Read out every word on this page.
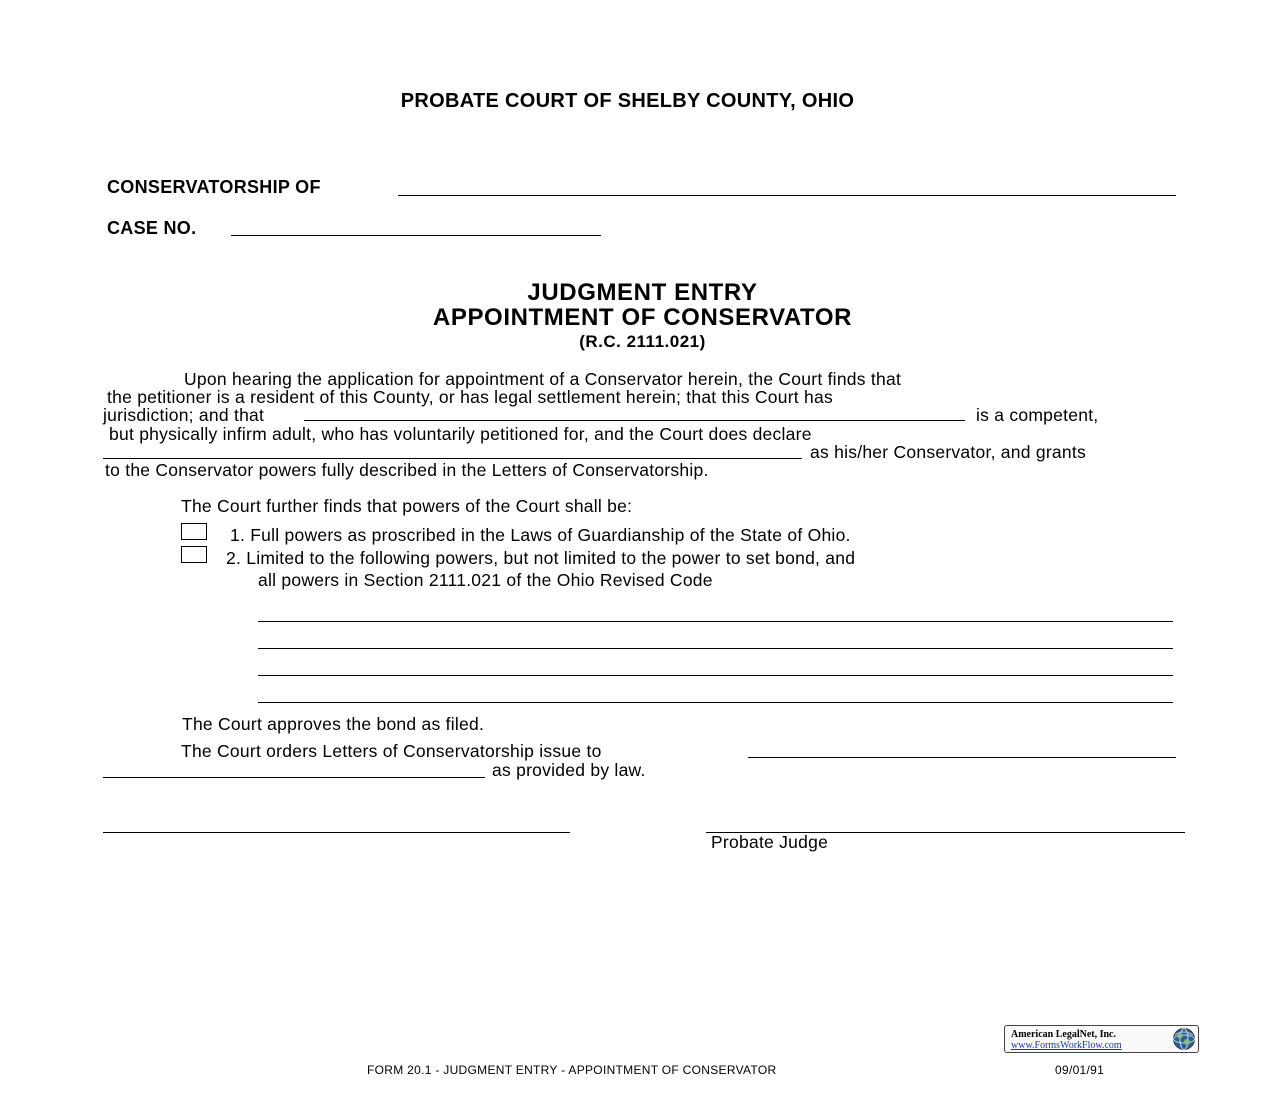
PROBATE COURT OF SHELBY COUNTY, OHIO
CONSERVATORSHIP OF
CASE NO.
JUDGMENT ENTRY
APPOINTMENT OF CONSERVATOR
(R.C. 2111.021)
Upon hearing the application for appointment of a Conservator herein, the Court finds that
the petitioner is a resident of this County, or has legal settlement herein; that this Court has
jurisdiction; and that	is a competent,
but physically infirm adult, who has voluntarily petitioned for, and the Court does declare
as his/her Conservator, and grants
to the Conservator powers fully described in the Letters of Conservatorship.
The Court further finds that powers of the Court shall be:
1. Full powers as proscribed in the Laws of Guardianship of the State of Ohio.
2. Limited to the following powers, but not limited to the power to set bond, and
all powers in Section 2111.021 of the Ohio Revised Code
The Court approves the bond as filed.
The Court orders Letters of Conservatorship issue to
as provided by law.
Probate Judge
American LegalNet, Inc.
www.FormsWorkFlow.com
FORM 20.1 - JUDGMENT ENTRY - APPOINTMENT OF CONSERVATOR	09/01/91
